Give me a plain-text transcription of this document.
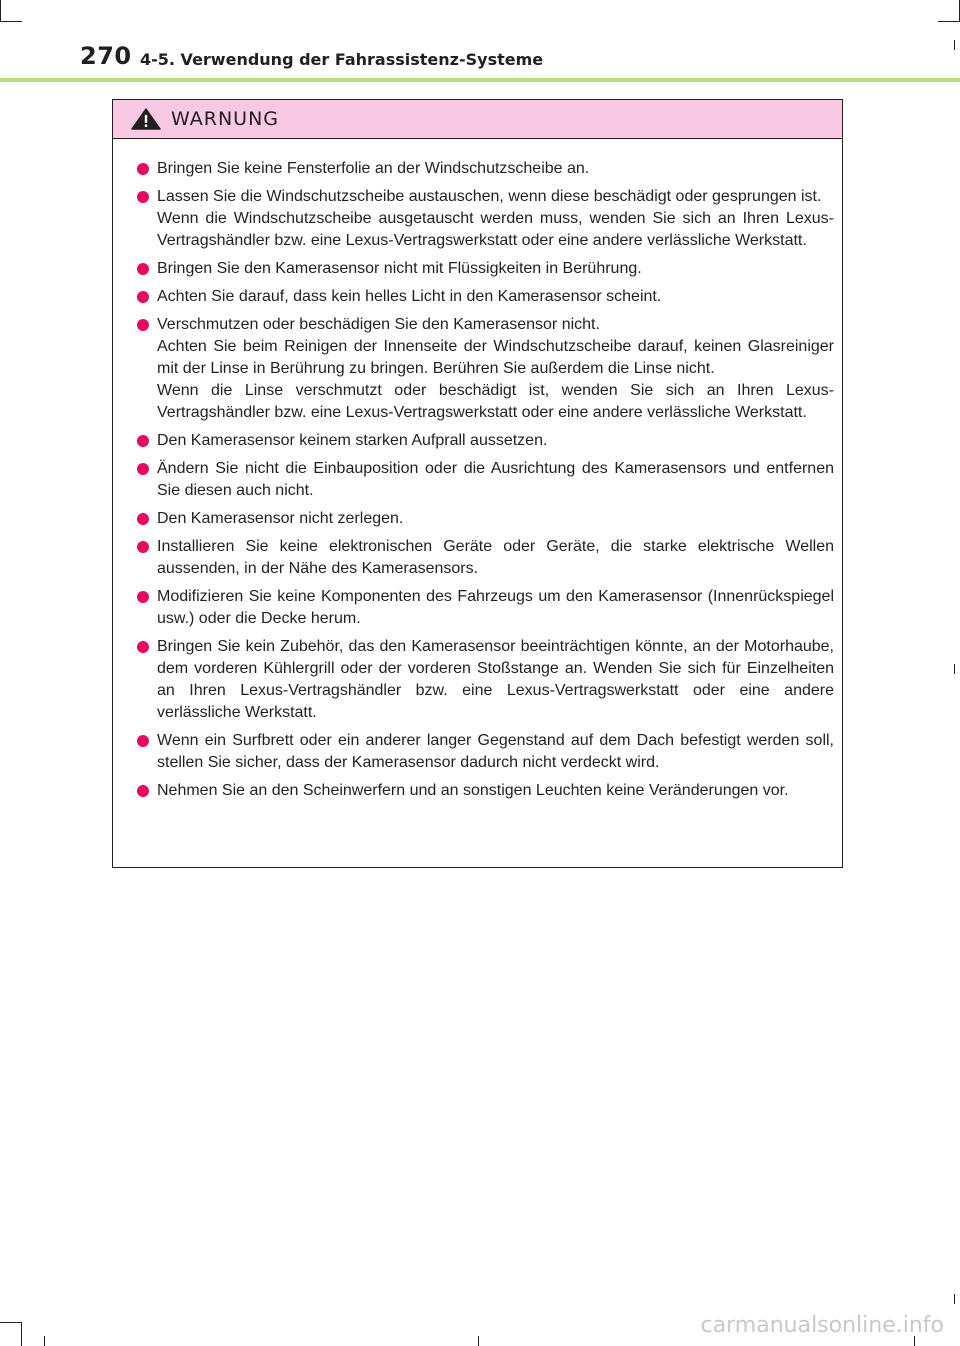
270 4-5. Verwendung der Fahrassistenz-Systeme
WARNUNG
Bringen Sie keine Fensterfolie an der Windschutzscheibe an.
Lassen Sie die Windschutzscheibe austauschen, wenn diese beschädigt oder gesprungen ist.
Wenn die Windschutzscheibe ausgetauscht werden muss, wenden Sie sich an Ihren Lexus-Vertragshändler bzw. eine Lexus-Vertragswerkstatt oder eine andere verlässliche Werkstatt.
Bringen Sie den Kamerasensor nicht mit Flüssigkeiten in Berührung.
Achten Sie darauf, dass kein helles Licht in den Kamerasensor scheint.
Verschmutzen oder beschädigen Sie den Kamerasensor nicht.
Achten Sie beim Reinigen der Innenseite der Windschutzscheibe darauf, keinen Glasreiniger mit der Linse in Berührung zu bringen. Berühren Sie außerdem die Linse nicht.
Wenn die Linse verschmutzt oder beschädigt ist, wenden Sie sich an Ihren Lexus-Vertragshändler bzw. eine Lexus-Vertragswerkstatt oder eine andere verlässliche Werkstatt.
Den Kamerasensor keinem starken Aufprall aussetzen.
Ändern Sie nicht die Einbauposition oder die Ausrichtung des Kamerasensors und entfernen Sie diesen auch nicht.
Den Kamerasensor nicht zerlegen.
Installieren Sie keine elektronischen Geräte oder Geräte, die starke elektrische Wellen aussenden, in der Nähe des Kamerasensors.
Modifizieren Sie keine Komponenten des Fahrzeugs um den Kamerasensor (Innenrückspiegel usw.) oder die Decke herum.
Bringen Sie kein Zubehör, das den Kamerasensor beeinträchtigen könnte, an der Motorhaube, dem vorderen Kühlergrill oder der vorderen Stoßstange an. Wenden Sie sich für Einzelheiten an Ihren Lexus-Vertragshändler bzw. eine Lexus-Vertragswerkstatt oder eine andere verlässliche Werkstatt.
Wenn ein Surfbrett oder ein anderer langer Gegenstand auf dem Dach befestigt werden soll, stellen Sie sicher, dass der Kamerasensor dadurch nicht verdeckt wird.
Nehmen Sie an den Scheinwerfern und an sonstigen Leuchten keine Veränderungen vor.
carmanualsonline.info
